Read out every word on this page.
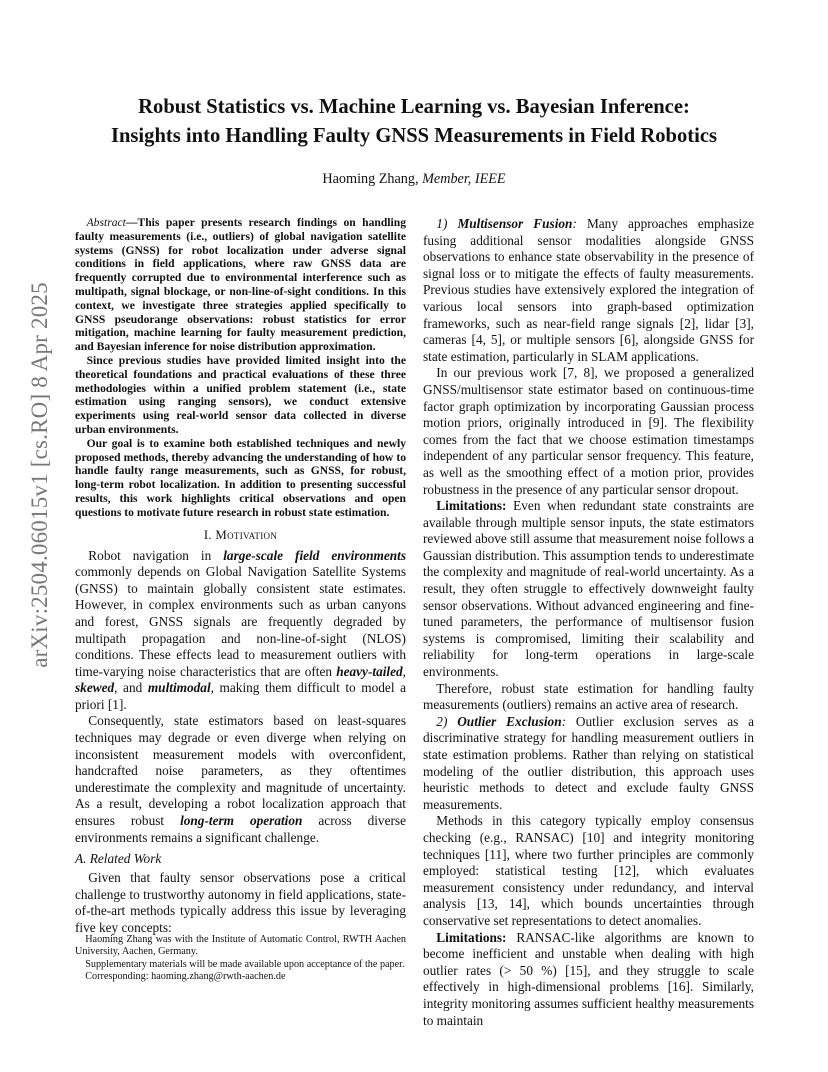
arXiv:2504.06015v1 [cs.RO] 8 Apr 2025
Robust Statistics vs. Machine Learning vs. Bayesian Inference:
Insights into Handling Faulty GNSS Measurements in Field Robotics
Haoming Zhang, Member, IEEE

Abstract—This paper presents research findings on handling faulty measurements (i.e., outliers) of global navigation satellite systems (GNSS) for robot localization under adverse signal conditions in field applications, where raw GNSS data are frequently corrupted due to environmental interference such as multipath, signal blockage, or non-line-of-sight conditions. In this context, we investigate three strategies applied specifically to GNSS pseudorange observations: robust statistics for error mitigation, machine learning for faulty measurement prediction, and Bayesian inference for noise distribution approximation.

Since previous studies have provided limited insight into the theoretical foundations and practical evaluations of these three methodologies within a unified problem statement (i.e., state estimation using ranging sensors), we conduct extensive experiments using real-world sensor data collected in diverse urban environments.

Our goal is to examine both established techniques and newly proposed methods, thereby advancing the understanding of how to handle faulty range measurements, such as GNSS, for robust, long-term robot localization. In addition to presenting successful results, this work highlights critical observations and open questions to motivate future research in robust state estimation.

I. Motivation

Robot navigation in large-scale field environments commonly depends on Global Navigation Satellite Systems (GNSS) to maintain globally consistent state estimates. However, in complex environments such as urban canyons and forest, GNSS signals are frequently degraded by multipath propagation and non-line-of-sight (NLOS) conditions. These effects lead to measurement outliers with time-varying noise characteristics that are often heavy-tailed, skewed, and multimodal, making them difficult to model a priori [1].

Consequently, state estimators based on least-squares techniques may degrade or even diverge when relying on inconsistent measurement models with overconfident, handcrafted noise parameters, as they oftentimes underestimate the complexity and magnitude of uncertainty. As a result, developing a robot localization approach that ensures robust long-term operation across diverse environments remains a significant challenge.

A. Related Work

Given that faulty sensor observations pose a critical challenge to trustworthy autonomy in field applications, state-of-the-art methods typically address this issue by leveraging five key concepts:

Haoming Zhang was with the Institute of Automatic Control, RWTH Aachen University, Aachen, Germany.

Supplementary materials will be made available upon acceptance of the paper.

Corresponding: haoming.zhang@rwth-aachen.de

1) Multisensor Fusion: Many approaches emphasize fusing additional sensor modalities alongside GNSS observations to enhance state observability in the presence of signal loss or to mitigate the effects of faulty measurements. Previous studies have extensively explored the integration of various local sensors into graph-based optimization frameworks, such as near-field range signals [2], lidar [3], cameras [4, 5], or multiple sensors [6], alongside GNSS for state estimation, particularly in SLAM applications.

In our previous work [7, 8], we proposed a generalized GNSS/multisensor state estimator based on continuous-time factor graph optimization by incorporating Gaussian process motion priors, originally introduced in [9]. The flexibility comes from the fact that we choose estimation timestamps independent of any particular sensor frequency. This feature, as well as the smoothing effect of a motion prior, provides robustness in the presence of any particular sensor dropout.

Limitations: Even when redundant state constraints are available through multiple sensor inputs, the state estimators reviewed above still assume that measurement noise follows a Gaussian distribution. This assumption tends to underestimate the complexity and magnitude of real-world uncertainty. As a result, they often struggle to effectively downweight faulty sensor observations. Without advanced engineering and fine-tuned parameters, the performance of multisensor fusion systems is compromised, limiting their scalability and reliability for long-term operations in large-scale environments.

Therefore, robust state estimation for handling faulty measurements (outliers) remains an active area of research.

2) Outlier Exclusion: Outlier exclusion serves as a discriminative strategy for handling measurement outliers in state estimation problems. Rather than relying on statistical modeling of the outlier distribution, this approach uses heuristic methods to detect and exclude faulty GNSS measurements.

Methods in this category typically employ consensus checking (e.g., RANSAC) [10] and integrity monitoring techniques [11], where two further principles are commonly employed: statistical testing [12], which evaluates measurement consistency under redundancy, and interval analysis [13, 14], which bounds uncertainties through conservative set representations to detect anomalies.

Limitations: RANSAC-like algorithms are known to become inefficient and unstable when dealing with high outlier rates (> 50 %) [15], and they struggle to scale effectively in high-dimensional problems [16]. Similarly, integrity monitoring assumes sufficient healthy measurements to maintain
